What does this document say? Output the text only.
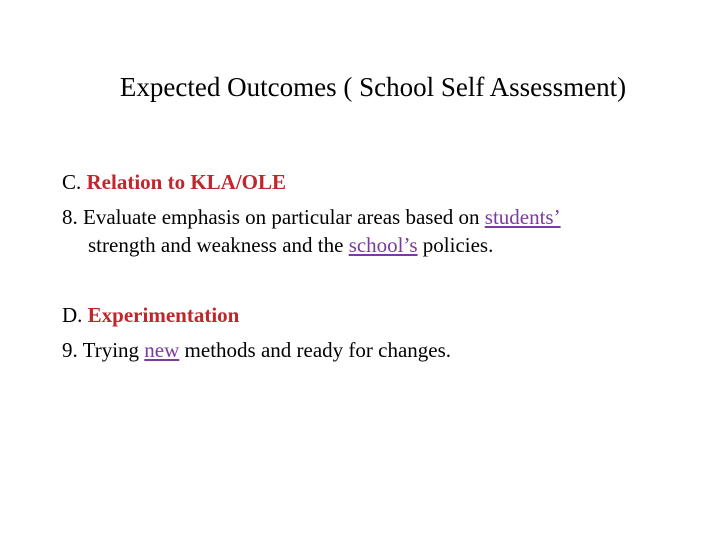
Expected Outcomes ( School Self Assessment)
C. Relation to KLA/OLE
8. Evaluate emphasis on particular areas based on students’
strength and weakness and the school’s policies.
D. Experimentation
9. Trying new methods and ready for changes.
